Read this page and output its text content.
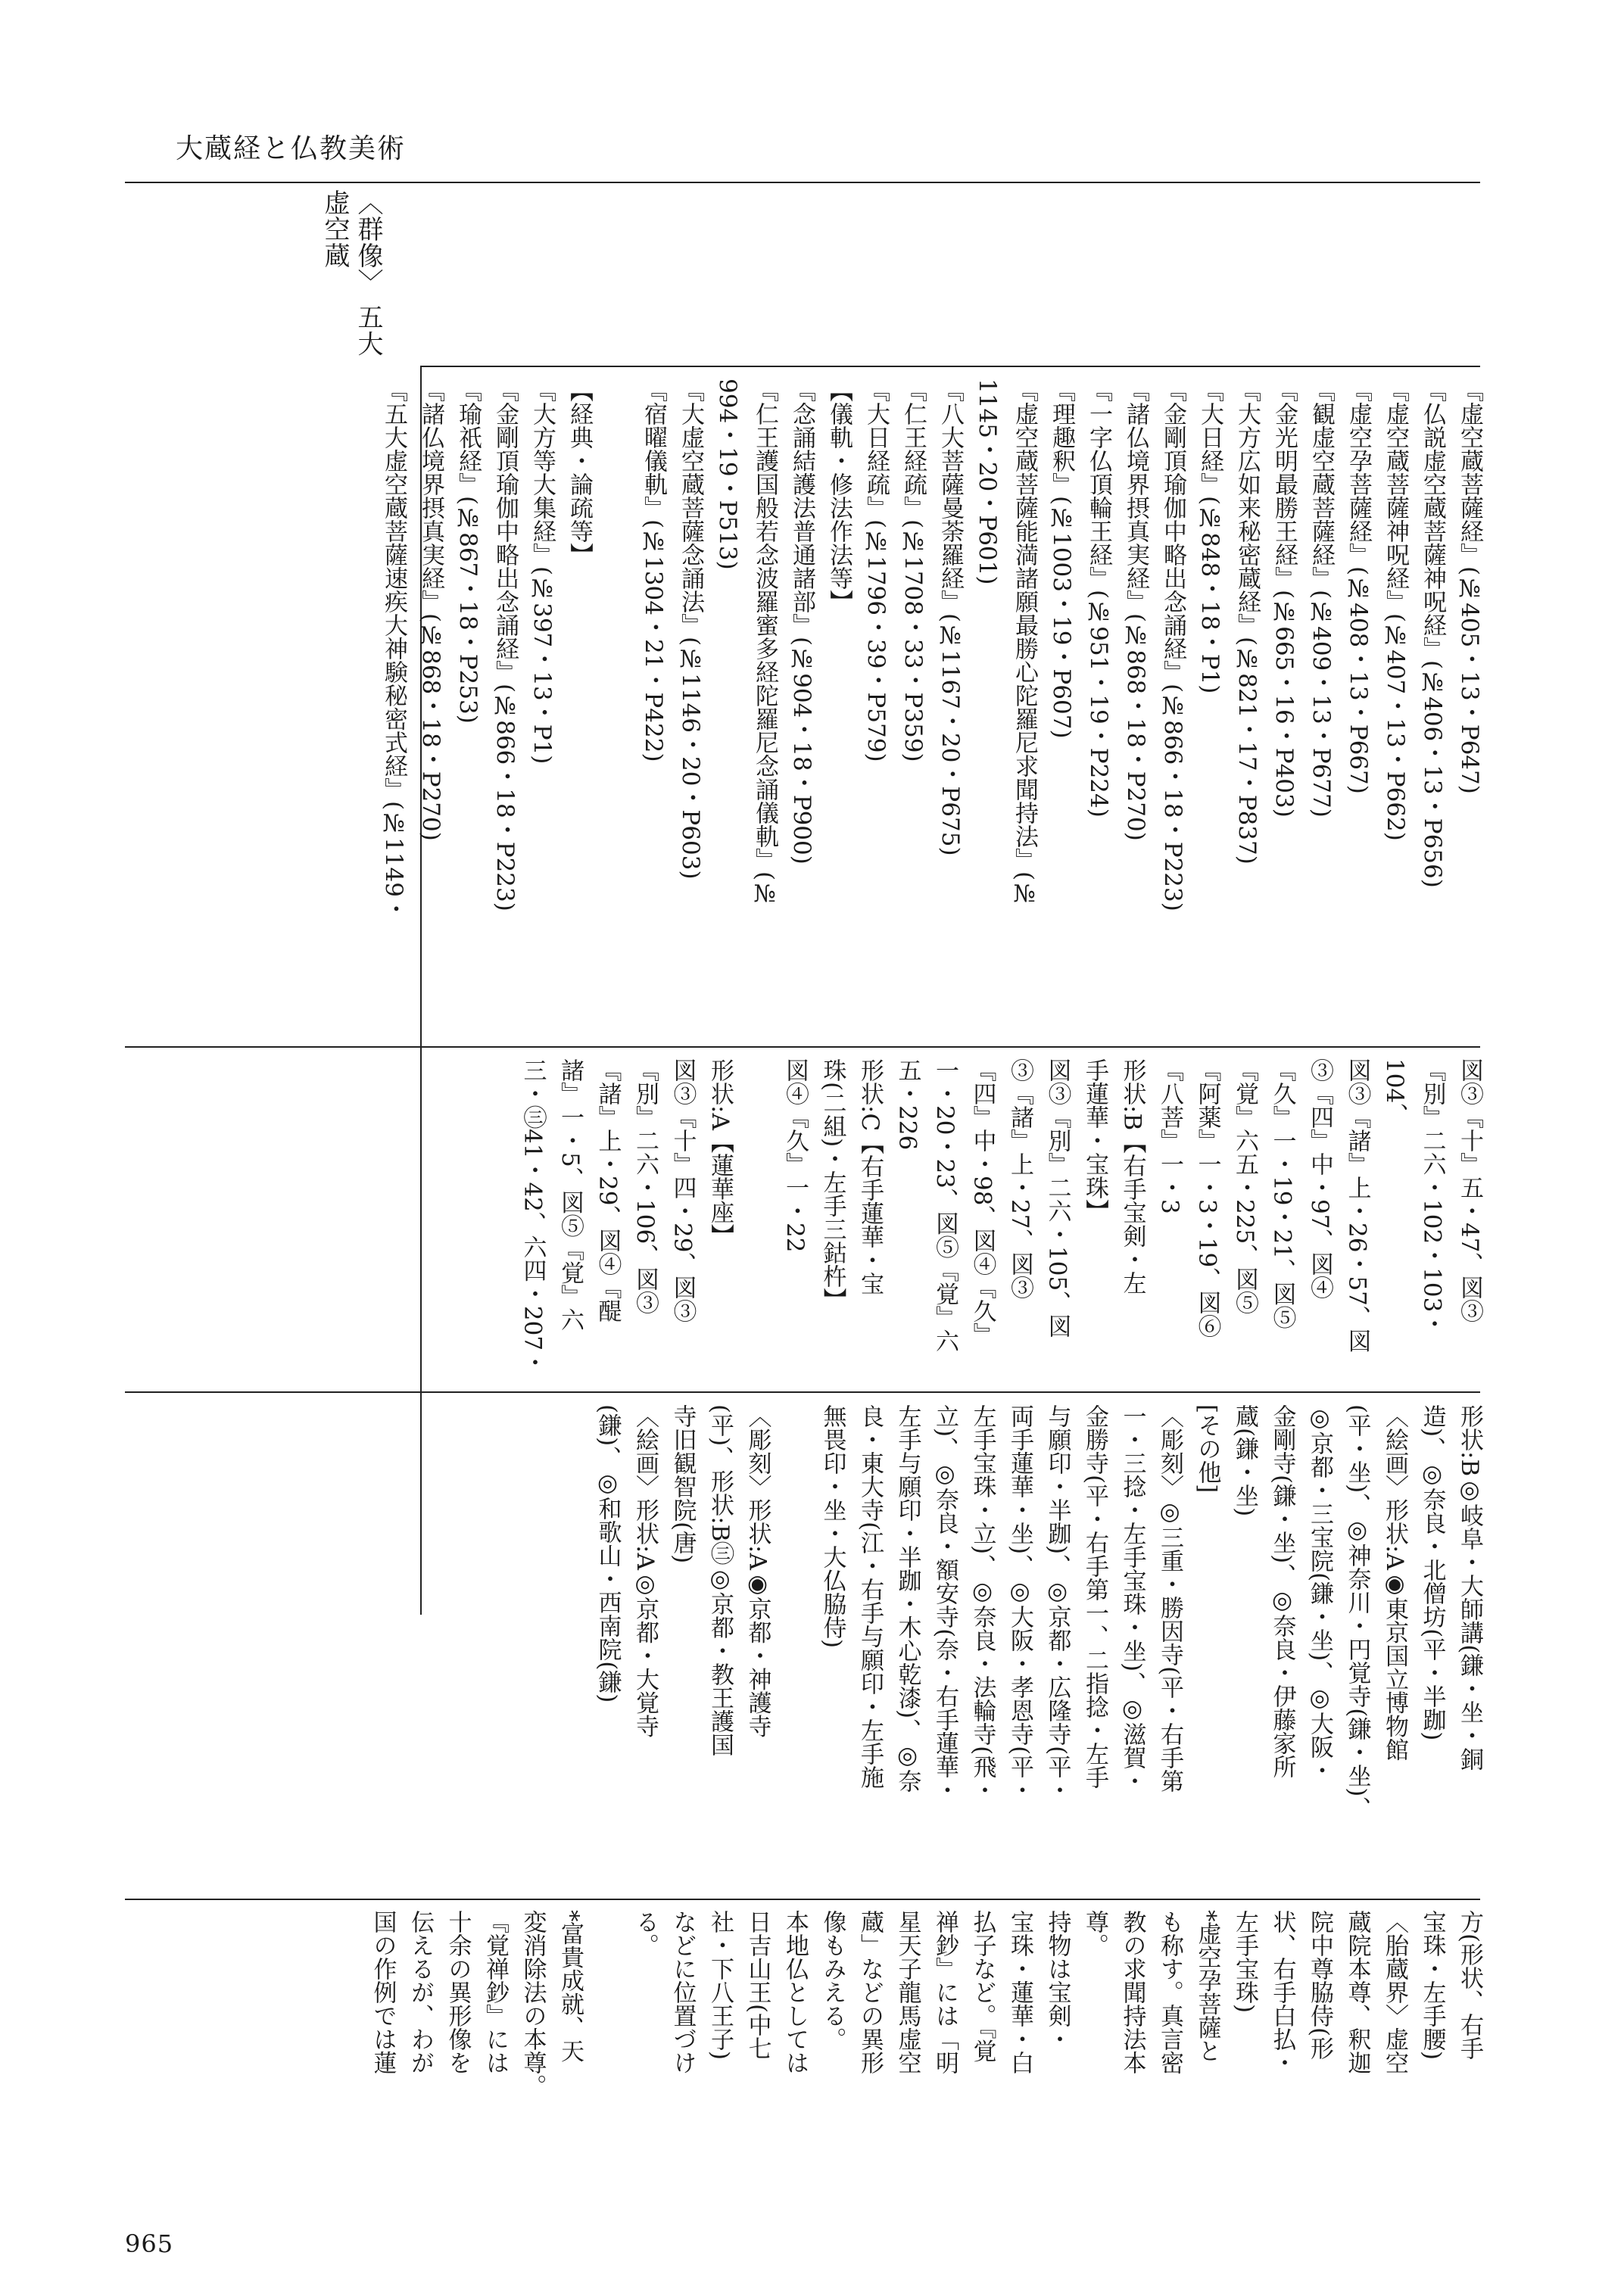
大蔵経と仏教美術
〈群像〉 五大虚空蔵
『虚空蔵菩薩経』(№405・13・P647)
『仏説虚空蔵菩薩神呪経』(№406・13・P656)
『虚空蔵菩薩神呪経』(№407・13・P662)
『虚空孕菩薩経』(№408・13・P667)
『観虚空蔵菩薩経』(№409・13・P677)
『金光明最勝王経』(№665・16・P403)
『大方広如来秘密蔵経』(№821・17・P837)
『大日経』(№848・18・P1)
『金剛頂瑜伽中略出念誦経』(№866・18・P223)
『諸仏境界摂真実経』(№868・18・P270)
『一字仏頂輪王経』(№951・19・P224)
『理趣釈』(№1003・19・P607)
『虚空蔵菩薩能満諸願最勝心陀羅尼求聞持法』(№
1145・20・P601)
『八大菩薩曼荼羅経』(№1167・20・P675)
『仁王経疏』(№1708・33・P359)
『大日経疏』(№1796・39・P579)
【儀軌・修法作法等】
『念誦結護法普通諸部』(№904・18・P900)
『仁王護国般若念波羅蜜多経陀羅尼念誦儀軌』(№
994・19・P513)
『大虚空蔵菩薩念誦法』(№1146・20・P603)
『宿曜儀軌』(№1304・21・P422)

【経典・論疏等】
『大方等大集経』(№397・13・P1)
『金剛頂瑜伽中略出念誦経』(№866・18・P223)
『瑜祇経』(№867・18・P253)
『諸仏境界摂真実経』(№868・18・P270)
『五大虚空蔵菩薩速疾大神験秘密式経』(№1149・
図③『十』五・47、図③
『別』二六・102・103・104、
図③『諸』上・26・57、図
③『四』中・97、図④
『久』一・19・21、図⑤
『覚』六五・225、図⑤
『阿薬』一・3・19、図⑥
『八菩』一・3
形状:B【右手宝剣・左
手蓮華・宝珠】
図③『別』二六・105、図
③『諸』上・27、図③
『四』中・98、図④『久』
一・20・23、図⑤『覚』六
五・226
形状:C【右手蓮華・宝
珠(二組)・左手三鈷杵】
図④『久』一・22

形状:A【蓮華座】
図③『十』四・29、図③
『別』二六・106、図③
『諸』上・29、図④『醍
諸』一・5、図⑤『覚』六
三・㊂41・42、六四・207・
形状:B◎岐阜・大師講(鎌・坐・銅
造)、◎奈良・北僧坊(平・半跏)
〈絵画〉形状:A◉東京国立博物館
(平・坐)、◎神奈川・円覚寺(鎌・坐)、
◎京都・三宝院(鎌・坐)、◎大阪・
金剛寺(鎌・坐)、◎奈良・伊藤家所
蔵(鎌・坐)
[その他]
〈彫刻〉◎三重・勝因寺(平・右手第
一・三捻・左手宝珠・坐)、◎滋賀・
金勝寺(平・右手第一、二指捻・左手
与願印・半跏)、◎京都・広隆寺(平・
両手蓮華・坐)、◎大阪・孝恩寺(平・
左手宝珠・立)、◎奈良・法輪寺(飛・
立)、◎奈良・額安寺(奈・右手蓮華・
左手与願印・半跏・木心乾漆)、◎奈
良・東大寺(江・右手与願印・左手施
無畏印・坐・大仏脇侍)

〈彫刻〉形状:A◉京都・神護寺
(平)、形状:B㊂◎京都・教王護国
寺旧観智院(唐)
〈絵画〉形状:A◎京都・大覚寺
(鎌)、◎和歌山・西南院(鎌)
方(形状、右手
宝珠・左手腰)
〈胎蔵界〉虚空
蔵院本尊、釈迦
院中尊脇侍(形
状、右手白払・
左手宝珠)
*虚空孕菩薩と
も称す。真言密
教の求聞持法本
尊。
持物は宝剣・
宝珠・蓮華・白
払子など。『覚
禅鈔』には「明
星天子龍馬虚空
蔵」などの異形
像もみえる。
本地仏としては
日吉山王(中七
社・下八王子)
などに位置づけ
る。

*富貴成就、天
変消除法の本尊。
『覚禅鈔』には
十余の異形像を
伝えるが、わが
国の作例では蓮
965
